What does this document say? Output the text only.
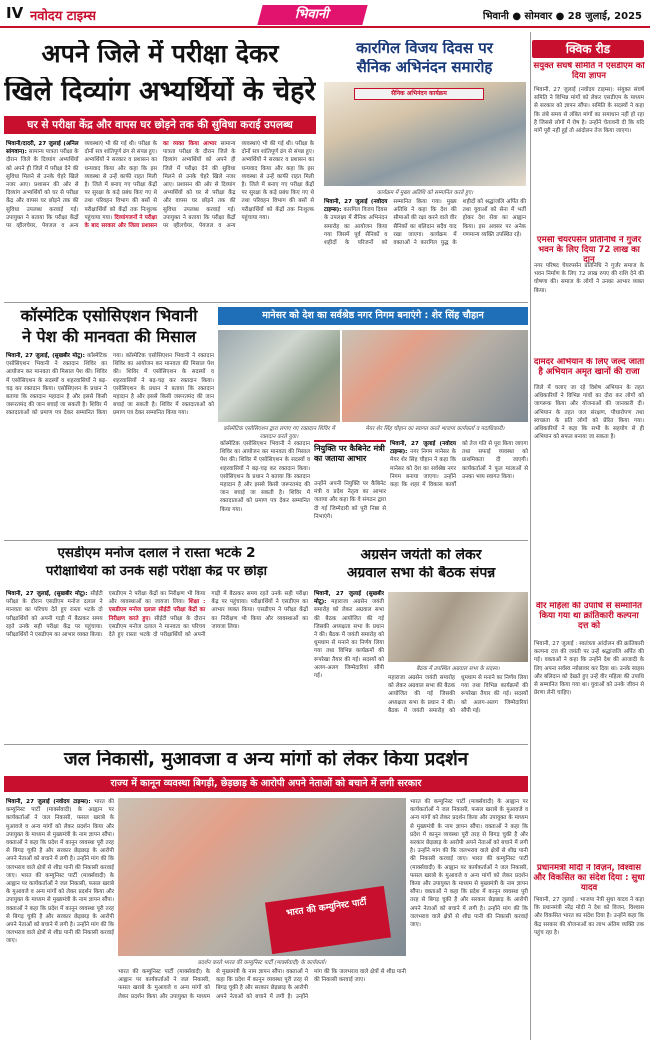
IV नवोदय टाइम्स	भिवानी	भिवानी ● सोमवार ● 28 जुलाई, 2025
अपने जिले में परीक्षा देकर
खिले दिव्यांग अभ्यर्थियों के चेहरे
घर से परीक्षा केंद्र और वापस घर छोड़ने तक की सुविधा कराई उपलब्ध
भिवानी/दादरी, 27 जुलाई (अनिल सांगवान): सामान्य पात्रता परीक्षा के दौरान जिले के दिव्यांग अभ्यर्थियों को अपने ही जिले में परीक्षा देने की सुविधा मिलने से उनके चेहरे खिले नजर आए। प्रशासन की ओर से दिव्यांग अभ्यर्थियों को घर से परीक्षा केंद्र और वापस घर छोड़ने तक की सुविधा उपलब्ध करवाई गई। उपायुक्त ने बताया कि परीक्षा केंद्रों पर व्हीलचेयर, पेयजल व अन्य व्यवस्थाएं भी की गई थी। परीक्षा के दोनों सत्र शांतिपूर्ण ढंग से संपन्न हुए। अभ्यर्थियों ने सरकार व प्रशासन का धन्यवाद किया और कहा कि इस व्यवस्था से उन्हें काफी राहत मिली है। जिले में बनाए गए परीक्षा केंद्रों पर सुरक्षा के कड़े प्रबंध किए गए थे तथा परिवहन विभाग की बसों से परीक्षार्थियों को केंद्रों तक निःशुल्क पहुंचाया गया। दिव्यांगजनों ने परीक्षा के बाद सरकार और जिला प्रशासन का व्यक्त किया आभार सामान्य पात्रता परीक्षा के दौरान जिले के दिव्यांग अभ्यर्थियों को अपने ही जिले में परीक्षा देने की सुविधा मिलने से उनके चेहरे खिले नजर आए। प्रशासन की ओर से दिव्यांग अभ्यर्थियों को घर से परीक्षा केंद्र और वापस घर छोड़ने तक की सुविधा उपलब्ध करवाई गई। उपायुक्त ने बताया कि परीक्षा केंद्रों पर व्हीलचेयर, पेयजल व अन्य व्यवस्थाएं भी की गई थी। परीक्षा के दोनों सत्र शांतिपूर्ण ढंग से संपन्न हुए। अभ्यर्थियों ने सरकार व प्रशासन का धन्यवाद किया और कहा कि इस व्यवस्था से उन्हें काफी राहत मिली है। जिले में बनाए गए परीक्षा केंद्रों पर सुरक्षा के कड़े प्रबंध किए गए थे तथा परिवहन विभाग की बसों से परीक्षार्थियों को केंद्रों तक निःशुल्क पहुंचाया गया।
कारगिल विजय दिवस पर
सैनिक अभिनंदन समारोह
सैनिक अभिनंदन कार्यक्रम
कार्यक्रम में मुख्य अतिथि को सम्मानित करते हुए।
भिवानी, 27 जुलाई (नवोदय टाइम्स): कारगिल विजय दिवस के उपलक्ष्य में सैनिक अभिनंदन समारोह का आयोजन किया गया जिसमें पूर्व सैनिकों व शहीदों के परिजनों को सम्मानित किया गया। मुख्य अतिथि ने कहा कि देश की सीमाओं की रक्षा करने वाले वीर सैनिकों का बलिदान सदैव याद रखा जाएगा। कार्यक्रम में वक्ताओं ने कारगिल युद्ध के शहीदों को श्रद्धांजलि अर्पित की तथा युवाओं को सेना में भर्ती होकर देश सेवा का आह्वान किया। इस अवसर पर अनेक गणमान्य व्यक्ति उपस्थित रहे।
कॉस्मेटिक एसोसिएशन भिवानी
ने पेश की मानवता की मिसाल
भिवानी, 27 जुलाई, (सुखबीर मोटू): कॉस्मेटिक एसोसिएशन भिवानी ने रक्तदान शिविर का आयोजन कर मानवता की मिसाल पेश की। शिविर में एसोसिएशन के सदस्यों व शहरवासियों ने बढ़-चढ़ कर रक्तदान किया। एसोसिएशन के प्रधान ने बताया कि रक्तदान महादान है और इससे किसी जरूरतमंद की जान बचाई जा सकती है। शिविर में रक्तदाताओं को प्रमाण पत्र देकर सम्मानित किया गया। कॉस्मेटिक एसोसिएशन भिवानी ने रक्तदान शिविर का आयोजन कर मानवता की मिसाल पेश की। शिविर में एसोसिएशन के सदस्यों व शहरवासियों ने बढ़-चढ़ कर रक्तदान किया। एसोसिएशन के प्रधान ने बताया कि रक्तदान महादान है और इससे किसी जरूरतमंद की जान बचाई जा सकती है। शिविर में रक्तदाताओं को प्रमाण पत्र देकर सम्मानित किया गया।
मानेसर को देश का सर्वश्रेष्ठ नगर निगम बनाएंगे : शेर सिंह चौहान
कॉस्मेटिक एसोसिएशन द्वारा लगाए गए रक्तदान शिविर में रक्तदान करते युवा।
मेयर शेर सिंह चौहान का स्वागत करते भाजपा कार्यकर्ता व पदाधिकारी।
कॉस्मेटिक एसोसिएशन भिवानी ने रक्तदान शिविर का आयोजन कर मानवता की मिसाल पेश की। शिविर में एसोसिएशन के सदस्यों व शहरवासियों ने बढ़-चढ़ कर रक्तदान किया। एसोसिएशन के प्रधान ने बताया कि रक्तदान महादान है और इससे किसी जरूरतमंद की जान बचाई जा सकती है। शिविर में रक्तदाताओं को प्रमाण पत्र देकर सम्मानित किया गया।
नियुक्ति पर कैबिनेट मंत्री का जताया आभार
उन्होंने अपनी नियुक्ति पर कैबिनेट मंत्री व प्रदेश नेतृत्व का आभार जताया और कहा कि वे संगठन द्वारा दी गई जिम्मेदारी को पूरी निष्ठा से निभाएंगे।
भिवानी, 27 जुलाई (नवोदय टाइम्स): नगर निगम मानेसर के मेयर शेर सिंह चौहान ने कहा कि मानेसर को देश का सर्वश्रेष्ठ नगर निगम बनाया जाएगा। उन्होंने कहा कि शहर में विकास कार्यों को तेज गति से पूरा किया जाएगा तथा सफाई व्यवस्था को प्राथमिकता दी जाएगी। कार्यकर्ताओं ने फूल मालाओं से उनका भव्य स्वागत किया।
एसडीएम मनोज दलाल ने रास्ता भटके 2
परीक्षार्थियों को उनके सही परीक्षा केंद्र पर छोड़ा
भिवानी, 27 जुलाई, (सुखबीर मोटू): सीईटी परीक्षा के दौरान एसडीएम मनोज दलाल ने मानवता का परिचय देते हुए रास्ता भटके दो परीक्षार्थियों को अपनी गाड़ी में बैठाकर समय रहते उनके सही परीक्षा केंद्र पर पहुंचाया। परीक्षार्थियों ने एसडीएम का आभार व्यक्त किया। एसडीएम ने परीक्षा केंद्रों का निरीक्षण भी किया और व्यवस्थाओं का जायजा लिया। शिक्षा : एसडीएम मनोज दलाल सीईटी परीक्षा केंद्रों का निरीक्षण करते हुए। सीईटी परीक्षा के दौरान एसडीएम मनोज दलाल ने मानवता का परिचय देते हुए रास्ता भटके दो परीक्षार्थियों को अपनी गाड़ी में बैठाकर समय रहते उनके सही परीक्षा केंद्र पर पहुंचाया। परीक्षार्थियों ने एसडीएम का आभार व्यक्त किया। एसडीएम ने परीक्षा केंद्रों का निरीक्षण भी किया और व्यवस्थाओं का जायजा लिया।
अग्रसेन जयंती को लेकर
अग्रवाल सभा की बैठक संपन्न
भिवानी, 27 जुलाई (सुखबीर मोटू): महाराजा अग्रसेन जयंती समारोह को लेकर अग्रवाल सभा की बैठक आयोजित की गई जिसकी अध्यक्षता सभा के प्रधान ने की। बैठक में जयंती समारोह को धूमधाम से मनाने का निर्णय लिया गया तथा विभिन्न कार्यक्रमों की रूपरेखा तैयार की गई। सदस्यों को अलग-अलग जिम्मेदारियां सौंपी गई।
बैठक में उपस्थित अग्रवाल सभा के सदस्य।
महाराजा अग्रसेन जयंती समारोह को लेकर अग्रवाल सभा की बैठक आयोजित की गई जिसकी अध्यक्षता सभा के प्रधान ने की। बैठक में जयंती समारोह को धूमधाम से मनाने का निर्णय लिया गया तथा विभिन्न कार्यक्रमों की रूपरेखा तैयार की गई। सदस्यों को अलग-अलग जिम्मेदारियां सौंपी गई।
जल निकासी, मुआवजा व अन्य मांगों को लेकर किया प्रदर्शन
राज्य में कानून व्यवस्था बिगड़ी, छेड़छाड़ के आरोपी अपने नेताओं को बचाने में लगी सरकार
भिवानी, 27 जुलाई (नवोदय टाइम्स): भारत की कम्युनिस्ट पार्टी (मार्क्सवादी) के आह्वान पर कार्यकर्ताओं ने जल निकासी, फसल खराबे के मुआवजे व अन्य मांगों को लेकर प्रदर्शन किया और उपायुक्त के माध्यम से मुख्यमंत्री के नाम ज्ञापन सौंपा। वक्ताओं ने कहा कि प्रदेश में कानून व्यवस्था पूरी तरह से बिगड़ चुकी है और सरकार छेड़छाड़ के आरोपी अपने नेताओं को बचाने में लगी है। उन्होंने मांग की कि जलभराव वाले क्षेत्रों से शीघ्र पानी की निकासी करवाई जाए। भारत की कम्युनिस्ट पार्टी (मार्क्सवादी) के आह्वान पर कार्यकर्ताओं ने जल निकासी, फसल खराबे के मुआवजे व अन्य मांगों को लेकर प्रदर्शन किया और उपायुक्त के माध्यम से मुख्यमंत्री के नाम ज्ञापन सौंपा। वक्ताओं ने कहा कि प्रदेश में कानून व्यवस्था पूरी तरह से बिगड़ चुकी है और सरकार छेड़छाड़ के आरोपी अपने नेताओं को बचाने में लगी है। उन्होंने मांग की कि जलभराव वाले क्षेत्रों से शीघ्र पानी की निकासी करवाई जाए।
भारत की कम्युनिस्ट पार्टी
प्रदर्शन करते भारत की कम्युनिस्ट पार्टी (मार्क्सवादी) के कार्यकर्ता।
भारत की कम्युनिस्ट पार्टी (मार्क्सवादी) के आह्वान पर कार्यकर्ताओं ने जल निकासी, फसल खराबे के मुआवजे व अन्य मांगों को लेकर प्रदर्शन किया और उपायुक्त के माध्यम से मुख्यमंत्री के नाम ज्ञापन सौंपा। वक्ताओं ने कहा कि प्रदेश में कानून व्यवस्था पूरी तरह से बिगड़ चुकी है और सरकार छेड़छाड़ के आरोपी अपने नेताओं को बचाने में लगी है। उन्होंने मांग की कि जलभराव वाले क्षेत्रों से शीघ्र पानी की निकासी करवाई जाए।
भारत की कम्युनिस्ट पार्टी (मार्क्सवादी) के आह्वान पर कार्यकर्ताओं ने जल निकासी, फसल खराबे के मुआवजे व अन्य मांगों को लेकर प्रदर्शन किया और उपायुक्त के माध्यम से मुख्यमंत्री के नाम ज्ञापन सौंपा। वक्ताओं ने कहा कि प्रदेश में कानून व्यवस्था पूरी तरह से बिगड़ चुकी है और सरकार छेड़छाड़ के आरोपी अपने नेताओं को बचाने में लगी है। उन्होंने मांग की कि जलभराव वाले क्षेत्रों से शीघ्र पानी की निकासी करवाई जाए। भारत की कम्युनिस्ट पार्टी (मार्क्सवादी) के आह्वान पर कार्यकर्ताओं ने जल निकासी, फसल खराबे के मुआवजे व अन्य मांगों को लेकर प्रदर्शन किया और उपायुक्त के माध्यम से मुख्यमंत्री के नाम ज्ञापन सौंपा। वक्ताओं ने कहा कि प्रदेश में कानून व्यवस्था पूरी तरह से बिगड़ चुकी है और सरकार छेड़छाड़ के आरोपी अपने नेताओं को बचाने में लगी है। उन्होंने मांग की कि जलभराव वाले क्षेत्रों से शीघ्र पानी की निकासी करवाई जाए।
क्विक रीड
संयुक्त संघर्ष समिति ने एसडीएम को दिया ज्ञापन
भिवानी, 27 जुलाई (नवोदय टाइम्स): संयुक्त संघर्ष समिति ने विभिन्न मांगों को लेकर एसडीएम के माध्यम से सरकार को ज्ञापन सौंपा। समिति के सदस्यों ने कहा कि लंबे समय से लंबित मांगों का समाधान नहीं हो रहा है जिससे लोगों में रोष है। उन्होंने चेतावनी दी कि यदि मांगें पूरी नहीं हुई तो आंदोलन तेज किया जाएगा।
एमसी चेयरपर्सन प्रतिनिधि ने गुर्जर भवन के लिए दिया 72 लाख का दान
नगर परिषद चेयरपर्सन प्रतिनिधि ने गुर्जर समाज के भवन निर्माण के लिए 72 लाख रुपए की राशि देने की घोषणा की। समाज के लोगों ने उनका आभार व्यक्त किया।
दामदर अभियान के लिए जल्द जाता है अभियान अमृत खानों की राजा
जिले में चलाए जा रहे विशेष अभियान के तहत अधिकारियों ने विभिन्न गांवों का दौरा कर लोगों को जागरूक किया और योजनाओं की जानकारी दी। अभियान के तहत जल संरक्षण, पौधारोपण तथा स्वच्छता के प्रति लोगों को प्रेरित किया गया। अधिकारियों ने कहा कि सभी के सहयोग से ही अभियान को सफल बनाया जा सकता है।
वीर महिला की उपाधि से सम्मानित किया गया था क्रांतिकारी कल्पना दत्त को
भिवानी, 27 जुलाई : स्वतंत्रता आंदोलन की क्रांतिकारी कल्पना दत्त की जयंती पर उन्हें श्रद्धांजलि अर्पित की गई। वक्ताओं ने कहा कि उन्होंने देश की आजादी के लिए अपना सर्वस्व न्योछावर कर दिया था। उनके साहस और बलिदान को देखते हुए उन्हें वीर महिला की उपाधि से सम्मानित किया गया था। युवाओं को उनके जीवन से प्रेरणा लेनी चाहिए।
प्रधानमंत्री मोदी ने विज़न, विश्वास और विकसित का संदेश दिया : सुधा यादव
भिवानी, 27 जुलाई : भाजपा नेत्री सुधा यादव ने कहा कि प्रधानमंत्री नरेंद्र मोदी ने देश को विजन, विश्वास और विकसित भारत का संदेश दिया है। उन्होंने कहा कि केंद्र सरकार की योजनाओं का लाभ अंतिम व्यक्ति तक पहुंच रहा है।
